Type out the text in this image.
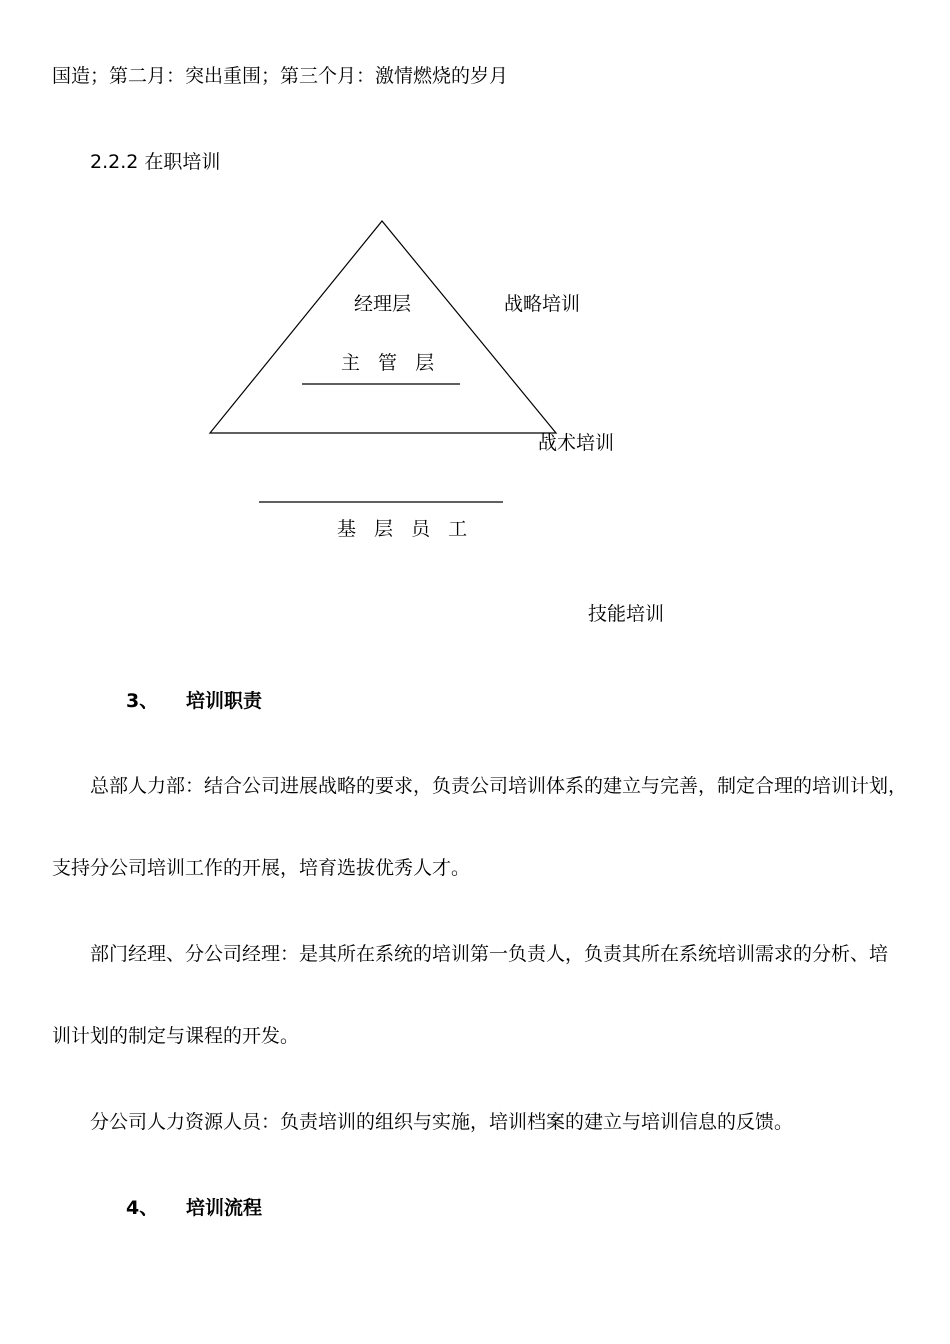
国造；第二月：突出重围；第三个月：激情燃烧的岁月
2.2.2 在职培训
经理层	战略培训
主 管 层
战术培训
基 层 员 工
技能培训
3、 培训职责
总部人力部：结合公司进展战略的要求，负责公司培训体系的建立与完善，制定合理的培训计划，
支持分公司培训工作的开展，培育选拔优秀人才。
部门经理、分公司经理：是其所在系统的培训第一负责人，负责其所在系统培训需求的分析、培
训计划的制定与课程的开发。
分公司人力资源人员：负责培训的组织与实施，培训档案的建立与培训信息的反馈。
4、 培训流程
